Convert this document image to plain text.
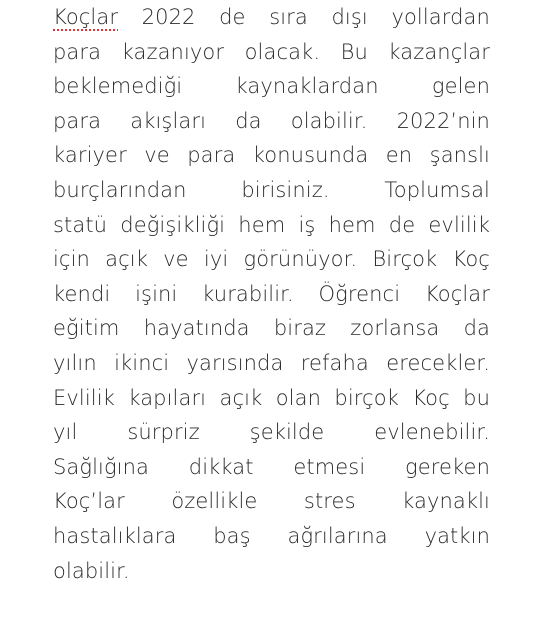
Koçlar 2022 de sıra dışı yollardan
para kazanıyor olacak. Bu kazançlar
beklemediği	kaynaklardan	gelen
para akışları da olabilir. 2022’nin
kariyer ve para konusunda en şanslı
burçlarından	birisiniz.	Toplumsal
statü değişikliği hem iş hem de evlilik
için açık ve iyi görünüyor. Birçok Koç
kendi işini kurabilir. Öğrenci Koçlar
eğitim hayatında biraz zorlansa da
yılın ikinci yarısında refaha erecekler.
Evlilik kapıları açık olan birçok Koç bu
yıl sürpriz şekilde evlenebilir.
Sağlığına dikkat etmesi gereken
Koç’lar özellikle stres kaynaklı
hastalıklara baş ağrılarına yatkın
olabilir.
